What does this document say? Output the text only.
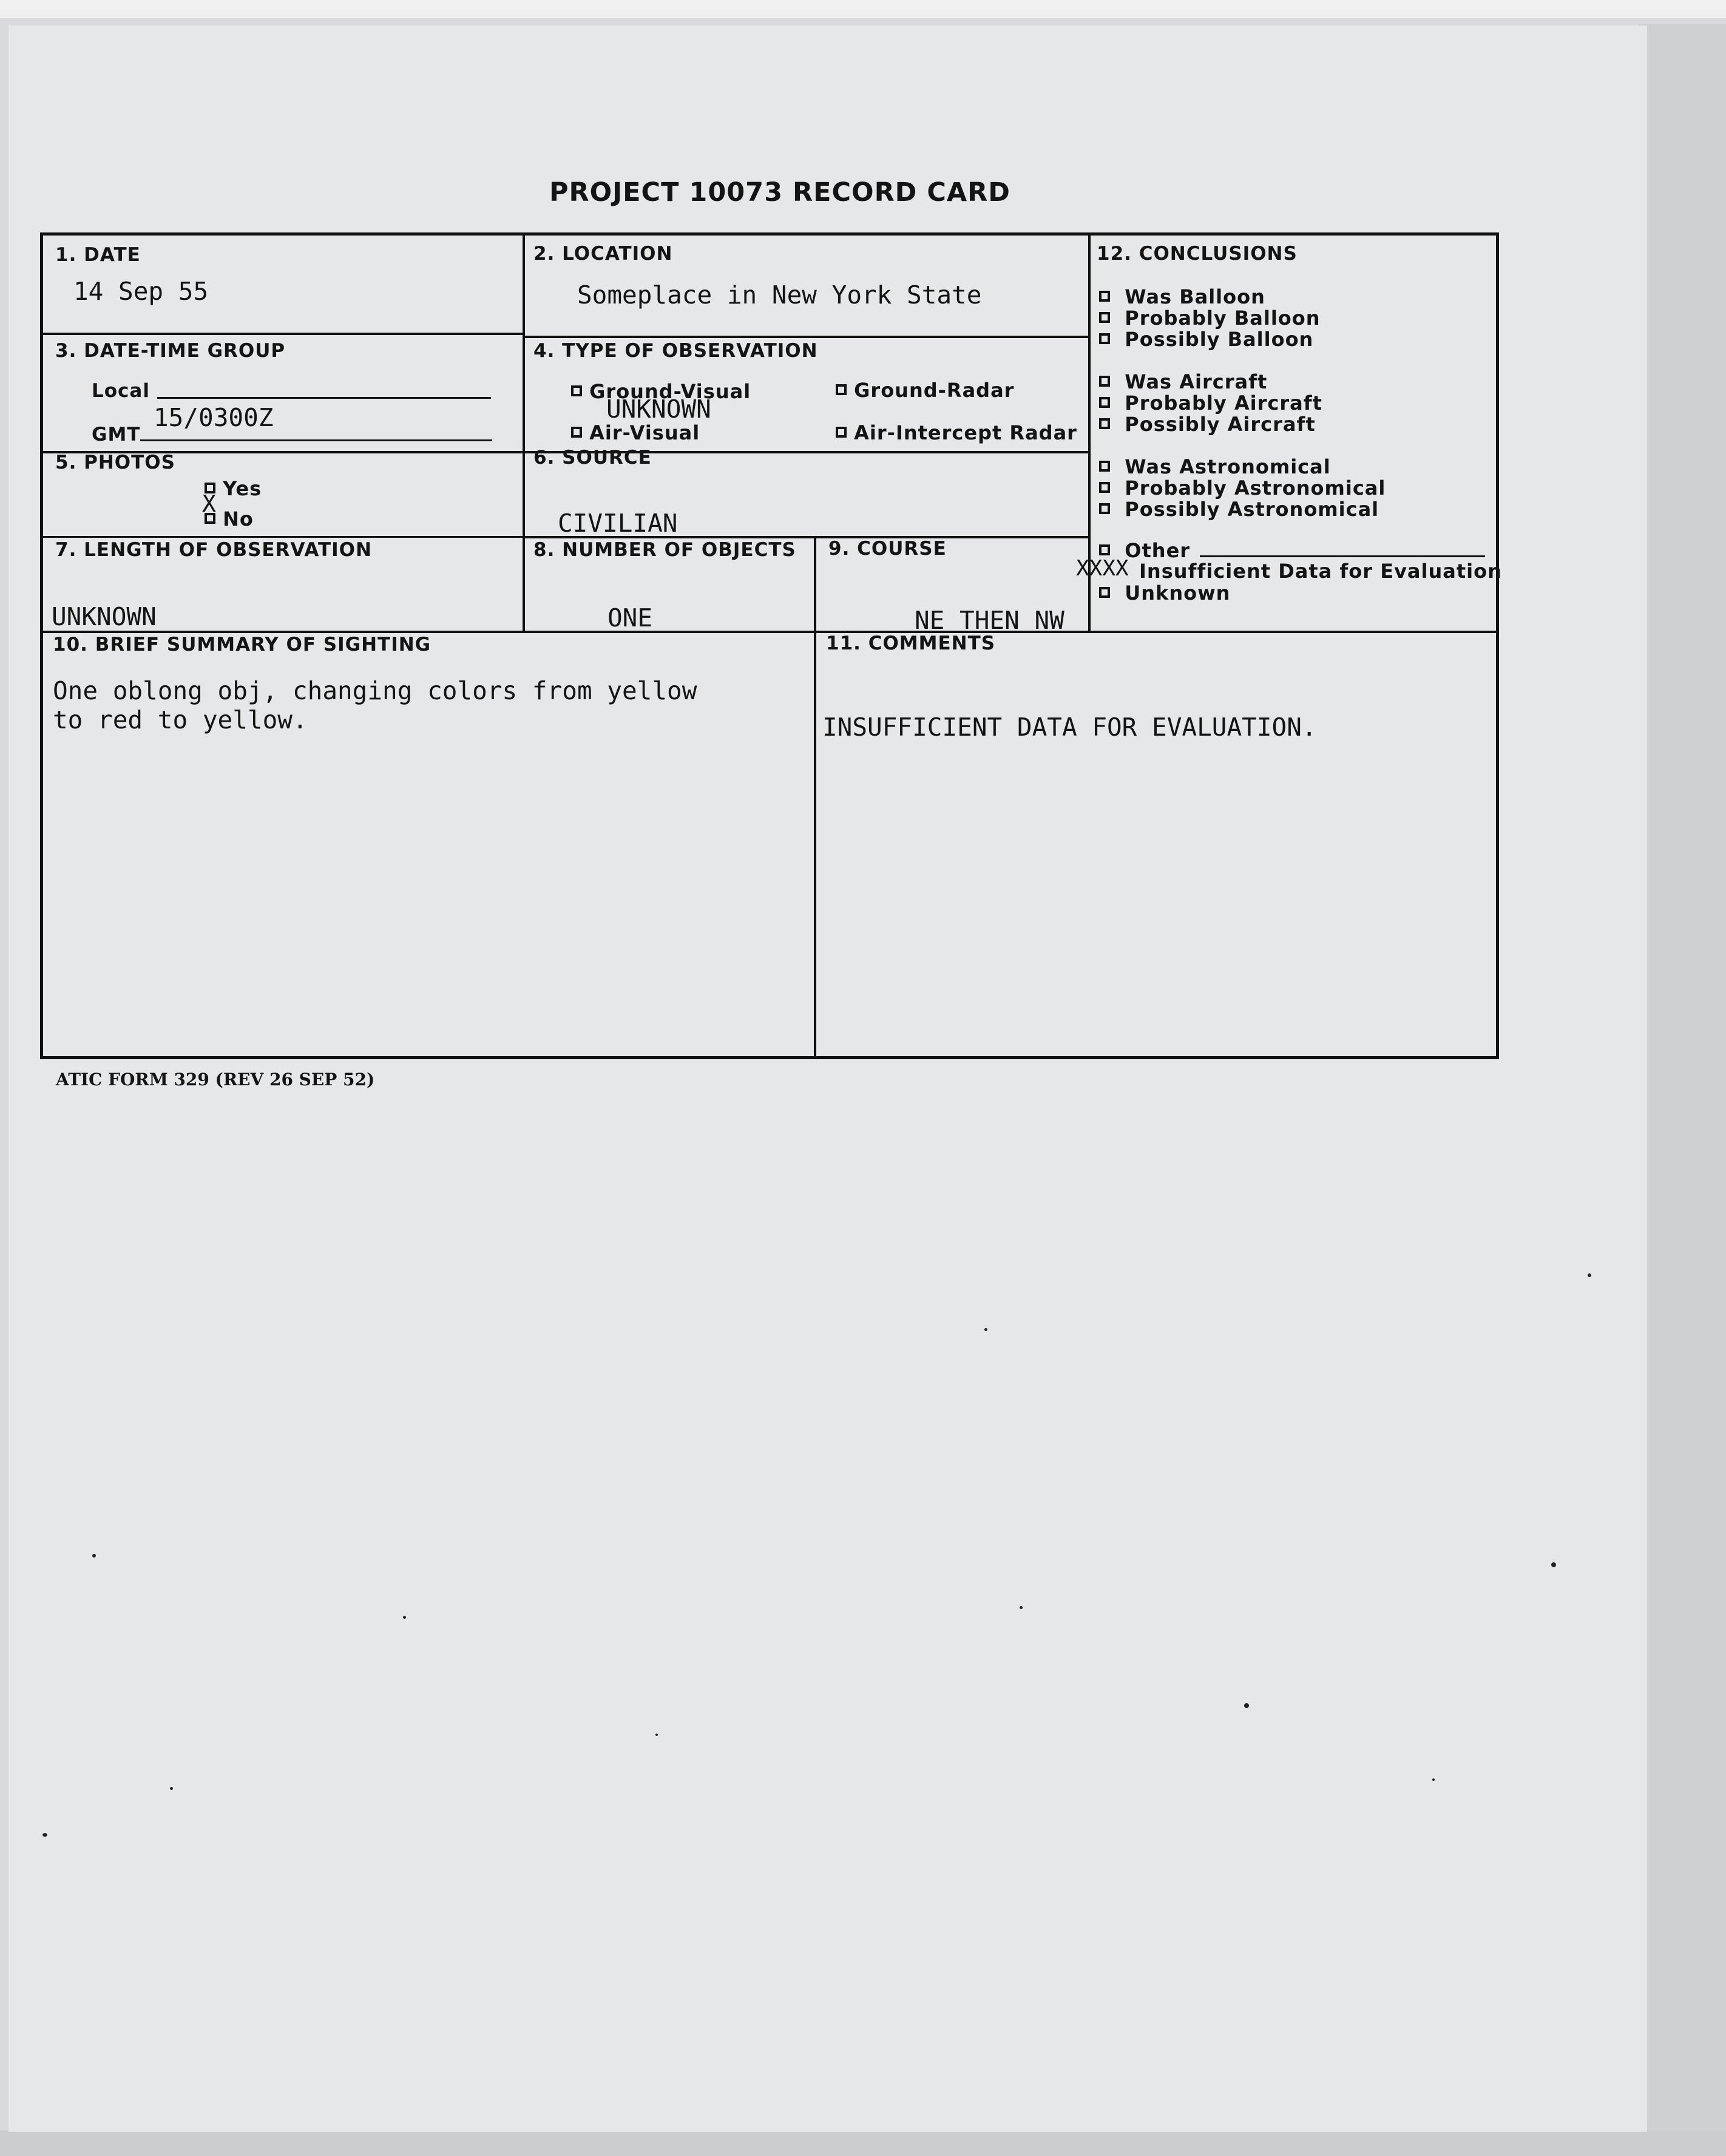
PROJECT 10073 RECORD CARD
1. DATE
14 Sep 55
2. LOCATION
Someplace in New York State
3. DATE-TIME GROUP
Local
GMT
15/0300Z
4. TYPE OF OBSERVATION
Ground-Visual	Ground-Radar
Air-Visual	Air-Intercept Radar
UNKNOWN
5. PHOTOS
Yes
No
X
6. SOURCE
CIVILIAN
7. LENGTH OF OBSERVATION
UNKNOWN
8. NUMBER OF OBJECTS
ONE
9. COURSE
NE THEN NW
10. BRIEF SUMMARY OF SIGHTING
One oblong obj, changing colors from yellow
to red to yellow.
11. COMMENTS
INSUFFICIENT DATA FOR EVALUATION.
12. CONCLUSIONS
Was Balloon
Probably Balloon
Possibly Balloon
Was Aircraft
Probably Aircraft
Possibly Aircraft
Was Astronomical
Probably Astronomical
Possibly Astronomical
Other
Insufficient Data for Evaluation
XXXX
Unknown
ATIC FORM 329 (REV 26 SEP 52)
